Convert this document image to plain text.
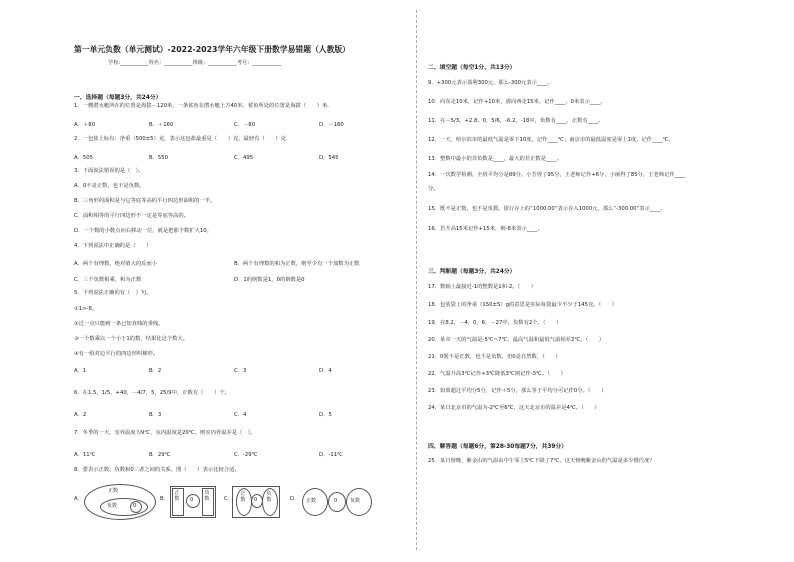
第一单元负数（单元测试）-2022-2023学年六年级下册数学易错题（人教版）
学校:___________姓名：___________班级：___________考号：___________
一、选择题（每题3分，共24分）
1．一艘潜水艇所在的位置是海拔－120米，一条鲨鱼在潜水艇上方40米，鲨鱼所处的位置是海拔（　　）米．
A．＋80	B．＋160	C．－80	D．－160
2．一包盐上标有：净重（500±5）克，表示这包盐最重是（　　）克，最轻有（　　）克．
A．505	B．550	C．495	D．545
3．下面说法错误的是（　）。
A．0不是正数，也不是负数。
B．三角形的面积是与它等底等高的平行四边形面积的一半。
C．面积相等的平行四边形不一定是等底等高的。
D．一个数的小数点向右移动一位，就是把那个数扩大10。
4．下列说法中正确的是（　　）
A．两个有理数，绝对值大的反而小	B．两个有理数的和为正数，则至少有一个加数为正数
C．三个负数相乘，积为正数	D．1的倒数是1，0的倒数是0
5．下列说法正确的有（　）句。
①1>-8。
②过一点只能画一条已知直线的垂线。
③一个数乘以一个小于1的数，结果比这个数大。
④有一组对边平行的四边形叫梯形。
A．1	B．2	C．3	D．4
6．在1.5，1/5，+40，－4/7，5，25/9中，正数有（　　）个。
A．2	B．3	C．4	D．5
7．冬季的一天，室外温度为9℃，室内温度是20℃，则室内外温差是（　）。
A．11℃	B．29℃	C．-29℃	D．-11℃
8．要表示正数、负数和0三者之间的关系，图（　　）表示比较合适。
A．
正数
负数	0
B．
正
数	0
负
数	C．
正
数	0
负
数	D． 正数	0	负数
二、填空题（每空1分，共13分）
9．+300元表示盈利300元，那么-300元表示____。
10．向东走10米，记作+10米，那向西走15米，记作____，0米表示____。
11．在－5/3，+2.8，0，5/6，-6.2，-18中，负数有____，正数有____。
12．一天，哈尔滨市的最低气温是零下10度，记作____℃；南京市的最低温度是零上1度，记作____℃。
13．整数中最小的非负数是____，最大的非正数是____。
14．一次数学检测，全班平均分是89分。小芳得了95分，王老师记作+6分，小丽得了85分，王老师记作____
分。
15．既不是正数，也不是负数。银行存上的“1000.00”表示存入1000元，那么“-300.00”表示____。
16．若升高15米记作+15米，则-8米表示____。
三、判断题（每题3分，共24分）
17．数轴上最接近-1的整数是1和-2。（　　）
18．包装袋上的净重（150±5）g的意思是实际每袋最少不少于145克。（　　）
19．在8.2，－4，0，6，－27中，负数有2个。（　　）
20．某市一天的气温是-5℃~7℃，最高气温和最低气温相差2℃。（　　）
21．0既不是正数，也不是负数，但0是自然数．（　　）
22．气温升高3℃记作+3℃降低3℃则记作-3℃。（　　）
23．如果超过平均分5分，记作＋5分，那么等于平均分可记作0分。（　　）
24．某日北京市的气温为-2℃至6℃，这天北京市的温差是4℃。（　　）
四、解答题（每题6分，第28-30每题7分，共39分）
25．某日傍晚，紫金山的气温由中午零上5℃下降了7℃，这天傍晚紫金山的气温是多少摄氏度？
